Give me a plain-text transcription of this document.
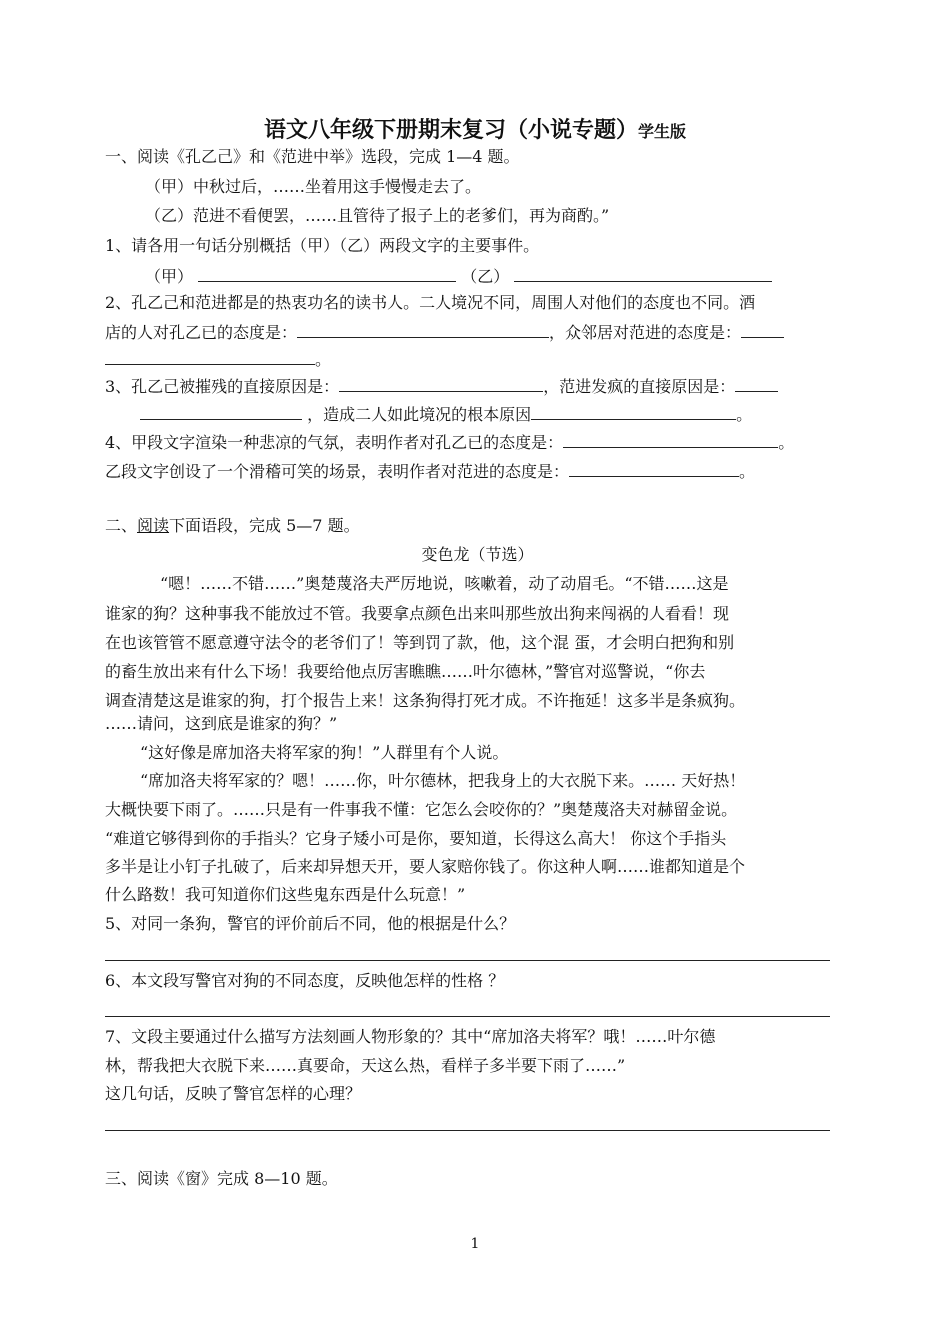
语文八年级下册期末复习（小说专题）学生版
一、阅读《孔乙己》和《范进中举》选段，完成 1—4 题。
（甲）中秋过后，……坐着用这手慢慢走去了。
（乙）范进不看便罢，……且管待了报子上的老爹们，再为商酌。”
1、请各用一句话分别概括（甲）（乙）两段文字的主要事件。
（甲）	（乙）
2、孔乙己和范进都是的热衷功名的读书人。二人境况不同，周围人对他们的态度也不同。酒
店的人对孔乙已的态度是：	，众邻居对范进的态度是：
。
3、孔乙己被摧残的直接原因是：	，范进发疯的直接原因是：
，造成二人如此境况的根本原因	。
4、甲段文字渲染一种悲凉的气氛，表明作者对孔乙已的态度是：	。
乙段文字创设了一个滑稽可笑的场景，表明作者对范进的态度是：	。
二、阅读下面语段，完成 5—7 题。
变色龙（节选）
“嗯！……不错……”奥楚蔑洛夫严厉地说，咳嗽着，动了动眉毛。“不错……这是
谁家的狗？这种事我不能放过不管。我要拿点颜色出来叫那些放出狗来闯祸的人看看！现
在也该管管不愿意遵守法令的老爷们了！等到罚了款，他，这个混 蛋，才会明白把狗和别
的畜生放出来有什么下场！我要给他点厉害瞧瞧……叶尔德林，”警官对巡警说，“你去
调查清楚这是谁家的狗，打个报告上来！这条狗得打死才成。不许拖延！这多半是条疯狗。
……请问，这到底是谁家的狗？”
“这好像是席加洛夫将军家的狗！”人群里有个人说。
“席加洛夫将军家的？嗯！……你，叶尔德林，把我身上的大衣脱下来。…… 天好热！
大概快要下雨了。……只是有一件事我不懂：它怎么会咬你的？”奥楚蔑洛夫对赫留金说。
“难道它够得到你的手指头？它身子矮小可是你，要知道，长得这么高大！ 你这个手指头
多半是让小钉子扎破了，后来却异想天开，要人家赔你钱了。你这种人啊……谁都知道是个
什么路数！我可知道你们这些鬼东西是什么玩意！”
5、对同一条狗，警官的评价前后不同，他的根据是什么？
6、本文段写警官对狗的不同态度，反映他怎样的性格 ？
7、文段主要通过什么描写方法刻画人物形象的？其中“席加洛夫将军？哦！……叶尔德
林，帮我把大衣脱下来……真要命，天这么热，看样子多半要下雨了……”
这几句话，反映了警官怎样的心理？
三、阅读《窗》完成 8—10 题。
1
